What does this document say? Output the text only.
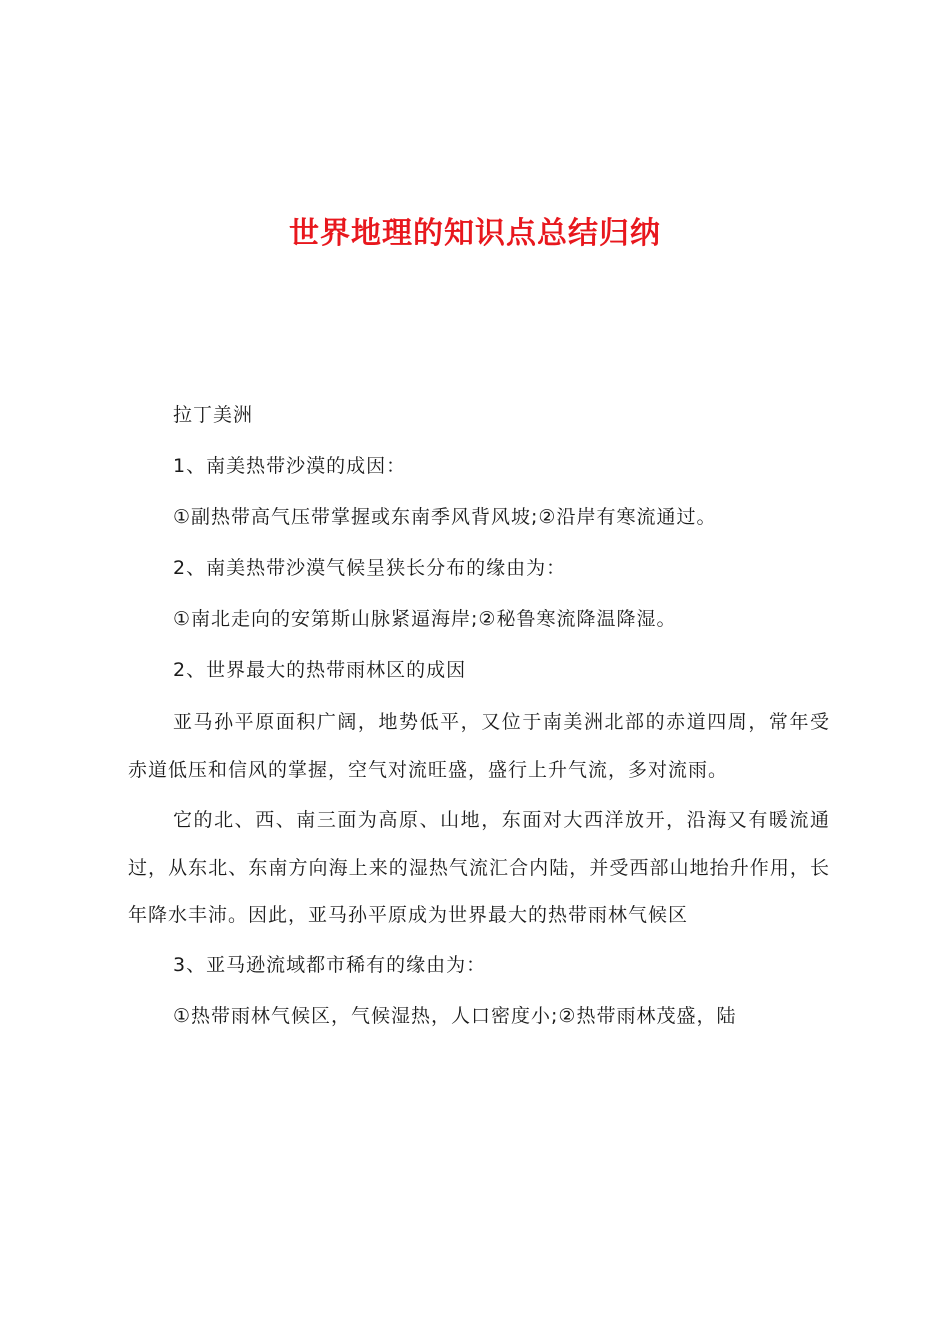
世界地理的知识点总结归纳
拉丁美洲
1、南美热带沙漠的成因：
①副热带高气压带掌握或东南季风背风坡;②沿岸有寒流通过。
2、南美热带沙漠气候呈狭长分布的缘由为：
①南北走向的安第斯山脉紧逼海岸;②秘鲁寒流降温降湿。
2、世界最大的热带雨林区的成因

亚马孙平原面积广阔，地势低平，又位于南美洲北部的赤道四周，常年受赤道低压和信风的掌握，空气对流旺盛，盛行上升气流，多对流雨。

它的北、西、南三面为高原、山地，东面对大西洋放开，沿海又有暖流通过，从东北、东南方向海上来的湿热气流汇合内陆，并受西部山地抬升作用，长年降水丰沛。因此，亚马孙平原成为世界最大的热带雨林气候区

3、亚马逊流域都市稀有的缘由为：
①热带雨林气候区，气候湿热，人口密度小;②热带雨林茂盛，陆
